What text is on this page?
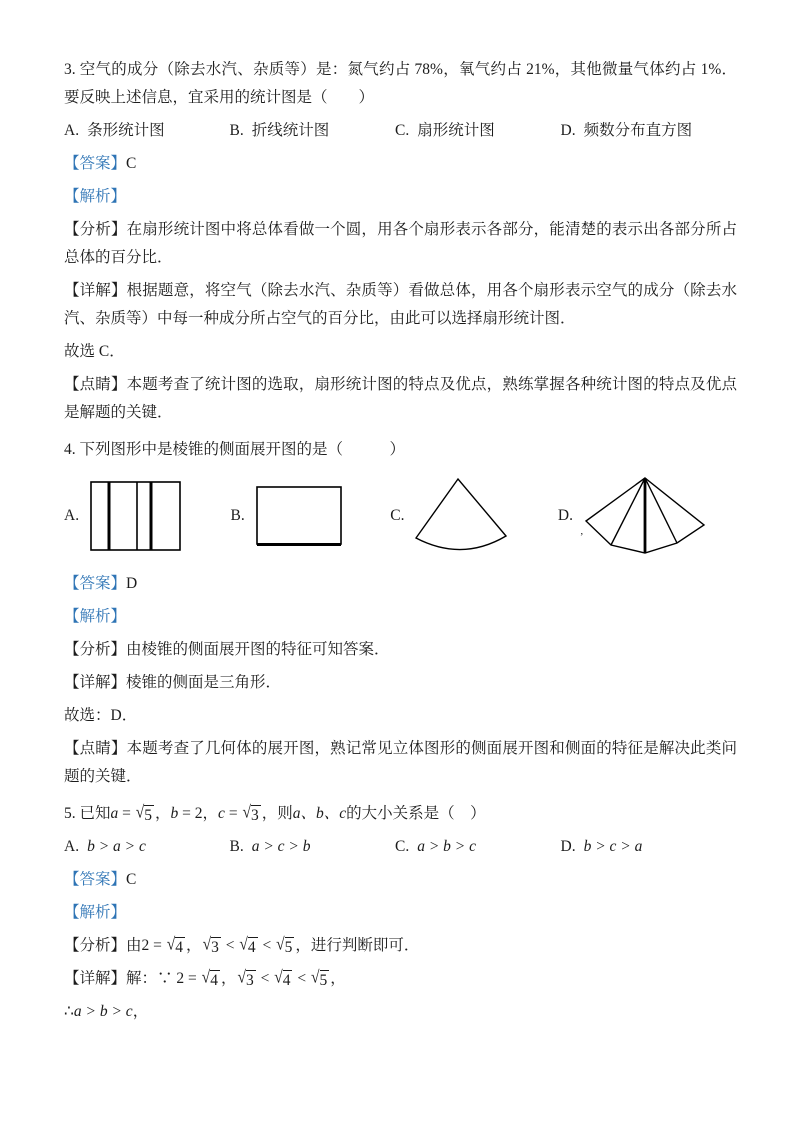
3. 空气的成分（除去水汽、杂质等）是：氮气约占 78%，氧气约占 21%，其他微量气体约占 1%．要反映上述信息，宜采用的统计图是（　　）

A. 条形统计图	B. 折线统计图	C. 扇形统计图	D. 频数分布直方图

【答案】C

【解析】

【分析】在扇形统计图中将总体看做一个圆，用各个扇形表示各部分，能清楚的表示出各部分所占总体的百分比．

【详解】根据题意，将空气（除去水汽、杂质等）看做总体，用各个扇形表示空气的成分（除去水汽、杂质等）中每一种成分所占空气的百分比，由此可以选择扇形统计图．

故选 C．

【点睛】本题考查了统计图的选取，扇形统计图的特点及优点，熟练掌握各种统计图的特点及优点是解题的关键．

4. 下列图形中是棱锥的侧面展开图的是（　　　）

A.	B.	C.	D.
’

【答案】D

【解析】

【分析】由棱锥的侧面展开图的特征可知答案．

【详解】棱锥的侧面是三角形．

故选：D．

【点睛】本题考查了几何体的展开图，熟记常见立体图形的侧面展开图和侧面的特征是解决此类问题的关键．

5. 已知a = √ 5 ，b = 2，c = √ 3 ，则a、b、c的大小关系是（　）

A. b > a > c	B. a > c > b	C. a > b > c	D. b > c > a

【答案】C

【解析】

【分析】由2 = √ 4 ， √ 3 < √ 4 < √ 5 ，进行判断即可．

【详解】解：∵ 2 = √ 4 ， √ 3 < √ 4 < √ 5 ，

∴a > b > c，
